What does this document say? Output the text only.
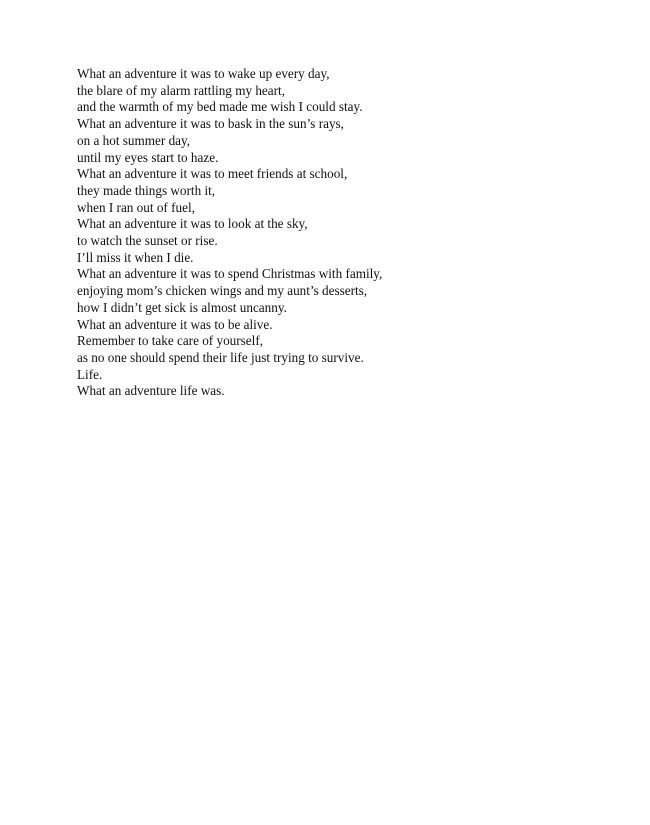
What an adventure it was to wake up every day,
the blare of my alarm rattling my heart,
and the warmth of my bed made me wish I could stay.
What an adventure it was to bask in the sun’s rays,
on a hot summer day,
until my eyes start to haze.
What an adventure it was to meet friends at school,
they made things worth it,
when I ran out of fuel,
What an adventure it was to look at the sky,
to watch the sunset or rise.
I’ll miss it when I die.
What an adventure it was to spend Christmas with family,
enjoying mom’s chicken wings and my aunt’s desserts,
how I didn’t get sick is almost uncanny.
What an adventure it was to be alive.
Remember to take care of yourself,
as no one should spend their life just trying to survive.
Life.
What an adventure life was.
